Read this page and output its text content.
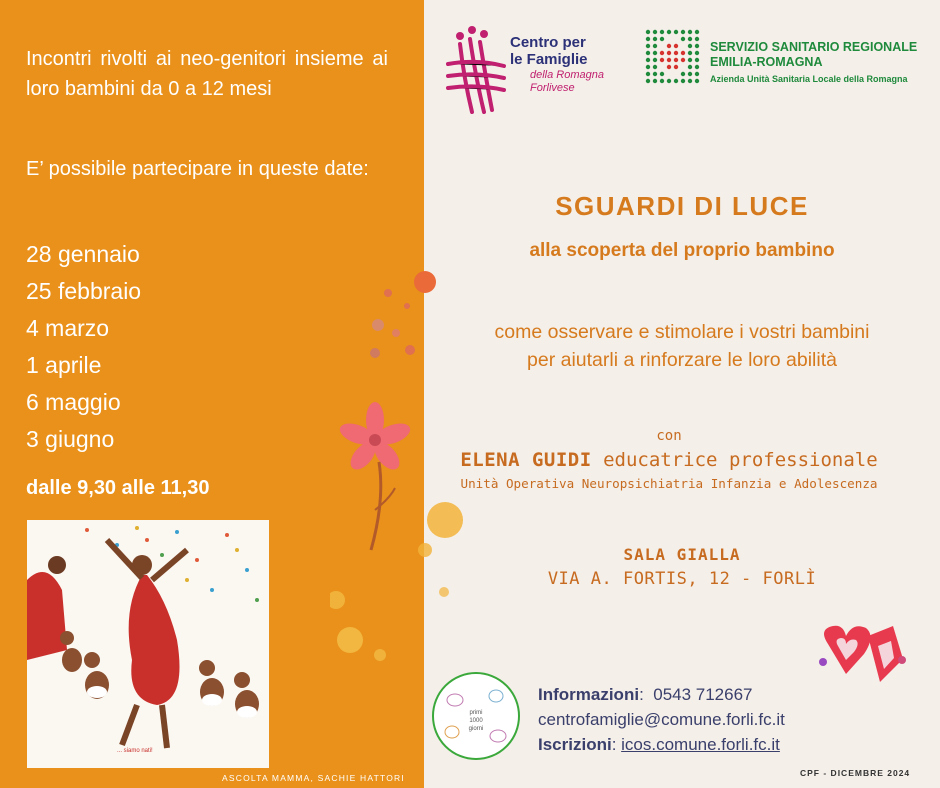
Incontri rivolti ai neo-genitori insieme ai loro bambini da 0 a 12 mesi
E’ possibile partecipare in queste date:
28 gennaio
25 febbraio
4 marzo
1 aprile
6 maggio
3 giugno
dalle 9,30 alle 11,30
... siamo nati!
ASCOLTA MAMMA, SACHIE HATTORI
Centro per
le Famiglie
della Romagna
Forlivese
SERVIZIO SANITARIO REGIONALE
EMILIA-ROMAGNA
Azienda Unità Sanitaria Locale della Romagna
SGUARDI DI LUCE
alla scoperta del proprio bambino
come osservare e stimolare i vostri bambini
per aiutarli a rinforzare le loro abilità
con
ELENA GUIDI educatrice professionale
Unità Operativa Neuropsichiatria Infanzia e Adolescenza
SALA GIALLA
VIA A. FORTIS, 12 - FORLÌ
primi
1000
giorni
Informazioni:  0543 712667
centrofamiglie@comune.forli.fc.it
Iscrizioni: icos.comune.forli.fc.it
CPF - DICEMBRE 2024
